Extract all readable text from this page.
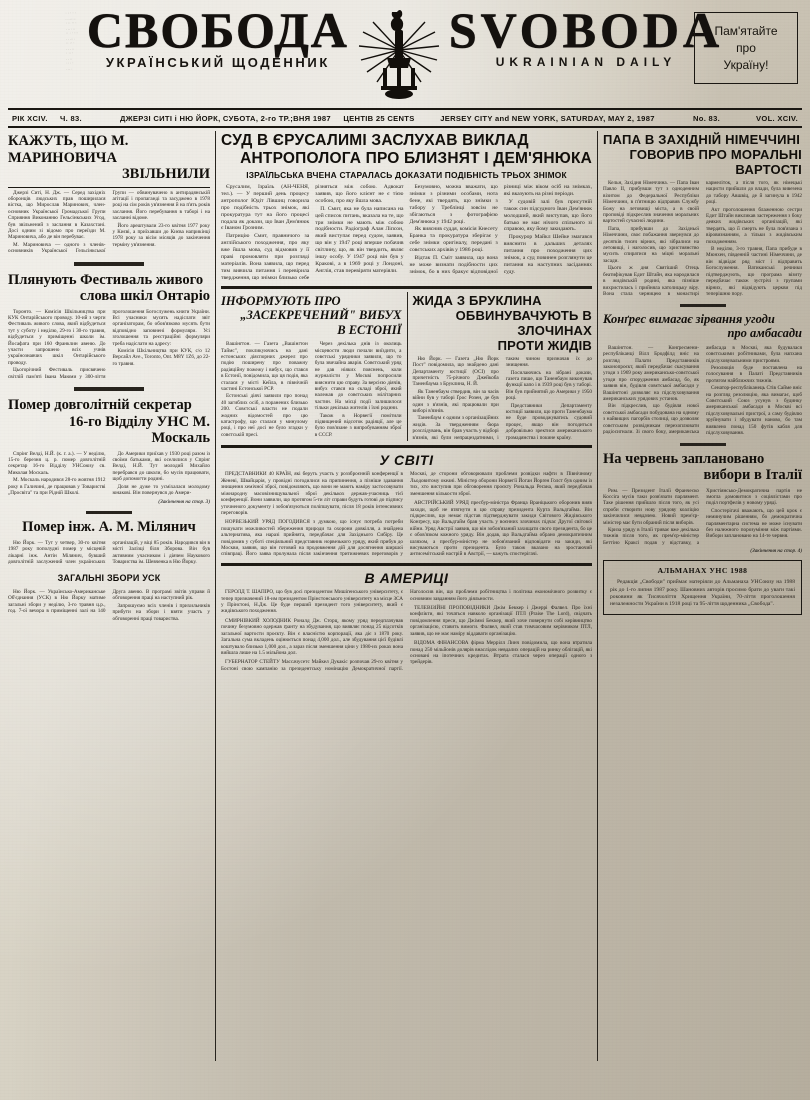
· · · · ·
. . ... ..
· ·· ·· ·
. .. . ..
·· · · ···
. . ... .
·· ·· ·
. . . ..
· ·· ·
. . ..
·· · ·
. .. .
СВОБОДА
УКРАЇНСЬКИЙ ЩОДЕННИК
SVOBODA
UKRAINIAN DAILY
Пам'ятайте
про
Україну!
РІК XCIV.	Ч. 83.	ДЖЕРЗІ СИТІ і НЮ ЙОРК, СУБОТА, 2-го ТР.;ВНЯ 1987	ЦЕНТІВ 25 CENTS	JERSEY CITY and NEW YORK, SATURDAY, MAY 2, 1987	No. 83.	VOL. XCIV.
КАЖУТЬ, ЩО М. МАРИНОВИЧА
ЗВІЛЬНИЛИ

Джерзі Ситі, Н. Дж. — Серед західніх оборонців людських прав поширилася вістка, що Мирослав Маринович, член-основник Української Громадської Групи Сприяння Виконанню Гельсінкських Угод, був звільнений з заслання в Казахстані. Досі одним зі відомо про переїзди М. Мариновича, або де він перебуває.

М. Мариновича — одного з членів-основників Української Гельсінкської Групи — обвинувачено в антирадянській агітації і пропаганді та засуджено в 1978 році на сім років ув'язнення й на п'ять років заслання. Його перебування в таборі і на засланні відоме.

Його арештували 23-го квітня 1977 року у Києві, а приїхавши до Києва наприкінці 1978 року за вісім місяців до закінчення терміну ув'язнення.

Плянують Фестиваль живого
слова шкіл Онтаріо

Торонто. — Комісія Шкільництва при КУК Онтарійського проводу. 10-ий з черги Фестиваль живого слова, який відбудеться тут у суботу і неділю, 29-го і 30-го травня, відбудеться у приміщенні школи ім. Йосафата при 160 Франклин авеню. До участи запрошено всіх учнів українознавчих шкіл Онтарійського проводу.

Цьогорічний Фестиваль присвячено світлій пам'яті Івана Маюми у 300-ліття проголошення Богослужень книги України. Всі учасники мусять надіслати звіт організаторам, бо обов'язково мусять бути відповідно заповнені формуляри. Усі зголошення та реєстраційні формуляри треба надіслати на адресу:

Комісія Шкільництва при КУК, с/о 12 Версайл Ave., Toronto, Ont. M8Y 1Z6, до 22-го травня.

Помер довголітній секретар
16-го Відділу УНС М. Москаль

Спрінґ Велді, Н.Й. (к. г. а.). — У неділю, 15-го березня ц. р. помер довголітній секретар 16-го Відділу УНСоюзу св. Миколая Москаль.

М. Москаль народився 28-го жовтня 1912 року в Галичині, де працював у Товаристві „Просвіта" та при Рідній Школі.

До Америки приїхав у 1930 році разом із своїми батьками, які оселилися у Спрінґ Велді, Н.Й. Тут молодий Михайло перебрався до школи, бо мусів працювати, щоб допомогти родині.

Доля не дуже то усміхалася молодому юнакові. Він повернувся до Амери-

(Закінчення на стор. 3)
Помер інж. А. М. Мілянич

Ню Йорк. — Тут у четвер, 30-го квітня 1987 року пополудні помер у місцевій лікарні інж. Антін Мілянич, бувший довголітній заслужений член українських організацій, у віці 85 років. Народився він в місті Залізці біля Зборова. Він був активним учасником і діячем Наукового Товариства ім. Шевченка в Ню Йорку.

ЗАГАЛЬНІ ЗБОРИ УСК

Ню Йорк. — Українсько-Американське Об'єднання (УСК) в Ню Йорку матиме загальні збори у неділю, 3-го травня ц.р., год. 7-ої вечора в приміщенні залі на 140 Друга авеню. В програмі звітів управи й обговорення праці на наступний рік.

Запрошуємо всіх членів і прихильників прибути на збори і взяти участь у обговоренні праці товариства.

СУД В ЄРУСАЛИМІ ЗАСЛУХАВ ВИКЛАД
АНТРОПОЛОГА ПРО БЛИЗНЯТ І ДЕМ'ЯНЮКА
ІЗРАЇЛЬСЬКА ВЧЕНА СТАРАЛАСЬ ДОКАЗАТИ ПОДІБНІСТЬ ТРЬОХ ЗНІМОК

Єрусалим, Ізраїль (АН-ЧЕНЯ, тел.). — У перший день процесу антрополог Юдіт Лівшиц говорила про подібність трьох знімок, які прокуратура тут на його процесі подала як докази, що Іван Дем'янюк є Іваном Грозним.

Патрицію Смит, правничого за англійського походження, про яку вже йшла мова, суд відмовив у її праві промовляти при розгляді матеріалів. Вона заявила, що перед тим вивчила питання і перевірила твердження, що знімки близько себе різняться між собою. Адвокат заявив, що його клієнт не є тією особою, про яку йшла мова.

П. Смит, яка не була написана на цей список питань, вказала на те, що три знімки не мають між собою подібности. Радіограф Алан Ліпсон, який виступає перед судом, заявив, що він у 1947 році вперше побачив світлину, що, як він твердить, являє іншу особу. У 1947 році він був у Кракові, а в 1969 році у Лондоні, Англія, став перевіряти матеріяли.

Безумовно, можна вважати, що знімки з різними особами, нота бене, які твердять, що знімки з табору у Треблінці зовсім не збігаються з фотографією Дем'янюка у 1942 році.

Як вияснив суддя, комісія Кнесету Бранка та прокуратура зберігає у себе знімки оригіналу, передані з совєтських архівів у 1986 році.

Відтак П. Сміт заявила, що вона не може визнати подібности цих знімок, бо в них бракує відповідної різниці між віком осіб на знімках, які вказують на різні періоди.

У судовій залі був присутній також син підсудного Іван Дем'янюк молодший, який виступав, що його батько не має нічого спільного зі справою, яку йому закидають.

Прокурор Майкл Шейке змагався вияснити в дальших деталях питання про походження цих знімок, а суд повинен розглянути це питання на наступних засіданнях суду.

ІНФОРМУЮТЬ ПРО
„ЗАСЕКРЕЧЕНИЙ" ВИБУХ
В ЕСТОНІЇ

Вашінґтон. — Газета „Вашінґтон Таймс", покликуючись на дані естонських діяспорних джерел про подію поширену про поважну радіяційну пожежу і вибух, що стався в Естонії, повідомила, що ця подія, яка сталася у місті Кейла, в північній частині Естонської РСР.

Естонські діячі заявили про понад 40 загиблих осіб, а поранених близько 200. Совєтські власти не подали жодних відомостей про цю катастрофу, що сталася у минулому році, і про неї досі не було згадки у совєтській пресі.

Через декілька днів із околиць місцевости люди почали виїздити, а совєтські урядники заявили, що то була звичайна аварія. Совєтський уряд не дав ніяких пояснень, коли журналісти у Москві попросили вияснити цю справу. За версією діячів, вибух стався на складі зброї, який належав до совєтських мілітарних частин. На місці події залишилося тільки декілька жителів і їхні родини.

Також в Норвегії помітили підвищений відсоток радіяції, але це було пов'язане з випробуванням зброї в СССР.

ЖИДА З БРУКЛИНА
ОБВИНУВАЧУЮТЬ В ЗЛОЧИНАХ
ПРОТИ ЖИДІВ

Ню Йорк. — Газета „Ню Йорк Пост" повідомила, що знайдено дані Департаменту юстиції (ОСІ) про причетність 75-річного Джейкоба Таненбаума з Бруклина, Н. Й.

Як Таненбаум ствердив, він за часів війни був у таборі Ґрос Розен, де був один з в'язнів, які працювали при виборі в'язнів.

Таненбаум є одним з організаційних жидів. За твердженням бюра розслідувань, він брав участь у відборі в'язнів, які були непрацездатними, і таким чином призначав їх до знищення.

Посилаючись на зібрані докази, газета пише, що Таненбаум виконував функції капо і в 1939 році був у таборі. Він був прийнятий до Америки у 1950 році.

Представники Департаменту юстиції заявили, що проти Таненбаума не буде проводжуватись судовий процес, якщо він погодиться добровільно зректися американського громадянства і покине країну.

У СВІТІ

ПРЕДСТАВНИКИ 40 КРАЇН, які беруть участь у роззброєнній конференції в Женеві, Швайцарія, у провідні погодилися на припинення, а пізніше здавання знищення хемічної зброї, повідомляють, що вони не мають наміру застосовувати міжнародну масовізнищувальної зброї декількох держав-учасниць тієї конференції. Вони заявили, що протягом 5-ти літ справи будуть готові до підпису уточненого документу і зобов'язуються поліпшувати, після 18 років інтенсивних переговорів.

НОРВЕЗЬКИЙ УРЯД ПОГОДИВСЯ з думкою, що існує потреба потреби пошукати можливостей збереження природи та охорони довкілля, а знайдена альтернатива, яка наразі прийнята, передбачає для Західнього Сибіру. Це повідомив у суботі спеціяльний представник норвезького уряду, який прибув до Москви, заявив, що він готовий на продовження дій для досягнення ширшої співпраці. Його заява пролунала після закінчення тритижневих переговорів у Москві, де сторони обговорювали проблеми розвідки нафти в Північному Льодовитому океані. Міністер оборони Норвегії Йоган Йорґен Голст був одним із тих, хто виступив при обговорення проєкту Рональда Реґана, який передбачав зменшення кількости зброї.

АВСТРІЙСЬКИЙ УРЯД пресбур-міністра Франца Враніцького оборонив вияв заходи, щоб не втягнути в цю справу президента Курта Вальдгайма. Він підкреслив, що немає підстав підтверджувати закиди Світового Жидівського Конґресу, що Вальдгайм брав участь у воєнних злочинах підчас Другої світової війни. Уряд Австрії заявив, що він зобов'язаний захищати свого президента, бо це є обов'язком кожного уряду. Він додав, що Вальдгайма обрано демократичним шляхом, а пресбур-міністер не зобов'язаний відповідати на закиди, які висуваються проти президента. Було також вказано на зростаючий антисемітський настрій в Австрії, — кажуть спостерігачі.

В АМЕРИЦІ

ГЕРОЛД Т. ШАПІРО, що був досі президентом Мишіґенського університету, є тепер призначений 18-им президентом Прінстонського університету на місце ЗСА у Прінстоні, Н.Дж. Це буде перший президент того університету, який є жидівського походження.

СМИРНІВКИЙ ХОЛОДНИК Роналд Дж. Сторц, якому уряд передплачував почину безумовно одержав ґранту на збудування, що виявляє понад 25 відсотків загальної вартости проєкту. Він є власністю корпорації, яка діє з 1870 року. Загальна сума вкладень оцінюється понад 4,000 дол., але збудування цієї будівлі коштувало близько 1,000 дол., а зараз після зменшення ціни у 1980-их роках вона вийшла лише на 1.5 мільйона дол.

ГУБЕРНАТОР СТЕЙТУ Массачусетс Майкел Дукакіс розпочав 29-го квітня у Бостоні свою кампанію за президентську номінацію Демократичної партії. Наголосив він, що проблеми робітництва і політика економічного розвитку є основним завданням його діяльности.

ТЕЛЕВІЗІЙНІ ПРОПОВІДНИКИ Джім Беккер і Джеррі Фалвел. Про їхні конфлікти, які точаться навколо організації ПТЛ (Praise The Lord), свідчать повідомлення преси, що Джіммі Беккер, який хоче повернути собі керівництво організацією, ставить вимоги. Фалвел, який став тимчасовим керівником ПТЛ, заявив, що не має наміру віддавати організацію.

ВІДОМА ФІНАНСОВА фірма Меррілл Линч повідомила, що вона втратила понад 250 мільйонів долярів внаслідок невдалих операцій на ринку облігацій, які основані на іпотечних кредитах. Втрата сталася через операції одного з трейдерів.

ПАПА В ЗАХІДНІЙ НІМЕЧЧИНІ
ГОВОРИВ ПРО МОРАЛЬНІ
ВАРТОСТІ

Кельн, Західня Німеччина. — Папа Іван Павло ІІ, прибувши тут з одноденним візитом до Федеральної Республіки Німеччини, в п'ятницю відправив Службу Божу на летовищі міста, а в своїй проповіді підкреслив значення моральних вартостей сучасної людини.

Папа, прибувши до Західньої Німеччини, своє побажання звернувся до десятків тисяч вірних, які зібралися на летовищі, і наголосив, що християнство мусить спиратися на міцні моральні засади.

Цього ж дня Святіший Отець беатифікував Едит Штайн, яка народилася в жидівській родині, яка пізніше вихристилась і прийняла католицьку віру. Вона стала черницею в монастирі кармеліток, а після того, як німецькі нацисти прийшли до влади, була вивезена до табору Авшвіц, де й загинула в 1942 році.

Акт проголошення блаженною сестри Едит Штайн викликав застереження з боку деяких жидівських організацій, які твердять, що її смерть не була пов'язана з віровизнанням, а тільки з жидівським походженням.

В неділю, 3-го травня, Папа прибуде в Мюнхен, південній частині Німеччини, де він відвідає ряд міст і відправить Богослуження. Ватиканські речники підтверджують, що програма візиту передбачає також зустрічі з групами вірних, які відвідують церкви під теперішню пору.

Конґрес вимагає зірвання угоди
про амбасади

Вашінґтон. — Конґресмени-республіканці Вілл Бродфілд вніс на розгляд Палати Представників законопроєкт, який передбачає скасування угоди з 1969 року американсько-совєтської угоди про спорудження амбасад, бо, як заявив він, будівля совєтської амбасади у Вашінґтоні дозволяє на підслуховування американських урядових установ.

Він підкреслив, що будівля нової совєтської амбасади побудована на одному з найвищих пагорбів столиці, що дозволяє совєтським розвідникам перехоплювати радіосигнали. Зі свого боку, американська амбасада в Москві, яка будувалася совєтськими робітниками, була напхана підслуховувальними пристроями.

Резолюція буде поставлена на голосування в Палаті Представників протягом найближчих тижнів.

Сенатор-республіканець Стів Сайме вніс на розгляд резолюцію, яка вимагає, щоб Совєтський Союз усунув з будинку американської амбасади в Москві всі підслуховувальні пристрої, а саму будівлю зруйнувати і збудувати наново, бо там виявлено понад 150 футів кабля для підслуховування.

На червень заплановано
вибори в Італії

Рим. — Президент Італії Франческо Коссіґа мусів таки розв'язати парлямент. Таке рішення прийшло після того, як усі спроби створити нову урядову коаліцію закінчилися невдачею. Новий прем'єр-міністер має бути обраний після виборів.

Криза уряду в Італії триває вже декілька тижнів після того, як прем'єр-міністер Беттіно Краксі подав у відставку, а Христіянсько-Демократична партія не змогла домовитися з соціялістами про поділ портфелів у новому уряді.

Спостерігачі вважають, що цей крок є неминучим рішенням, бо демократична парляментарна система не може існувати без належного порозуміння між партіями. Вибори заплановано на 14-те червня.

(Закінчення на стор. 4)
АЛЬМАНАХ УНС 1988

Редакція „Свободи" приймає матеріяли до Альманаха УНСоюзу на 1988 рік до 1-го липня 1987 року. Шановних авторів просимо брати до уваги такі роковини як Тисячоліття Хрищення України, 70-ліття проголошення незалежности України в 1918 році та 95-ліття щоденника „Свобода".
